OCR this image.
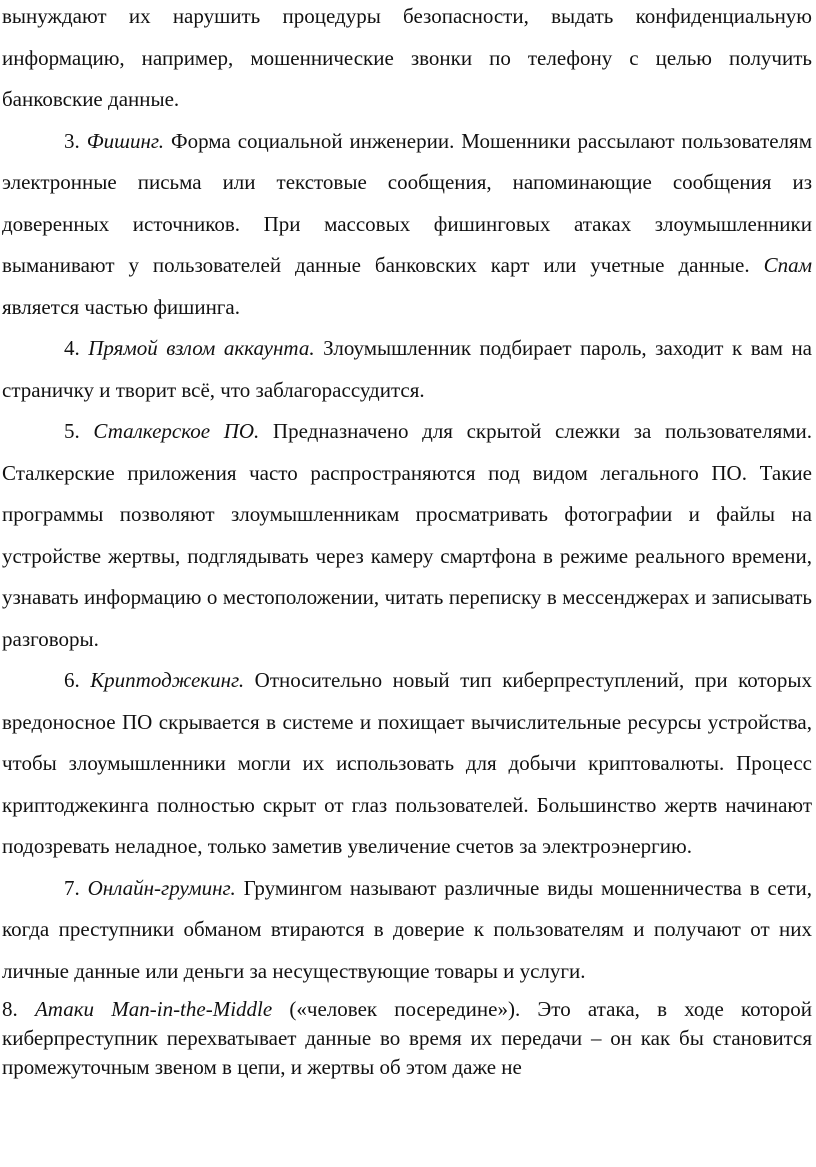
вынуждают их нарушить процедуры безопасности, выдать конфиденциальную информацию, например, мошеннические звонки по телефону с целью получить банковские данные.

3. Фишинг. Форма социальной инженерии. Мошенники рассылают пользователям электронные письма или текстовые сообщения, напоминающие сообщения из доверенных источников. При массовых фишинговых атаках злоумышленники выманивают у пользователей данные банковских карт или учетные данные. Спам является частью фишинга.

4. Прямой взлом аккаунта. Злоумышленник подбирает пароль, заходит к вам на страничку и творит всё, что заблагорассудится.

5. Сталкерское ПО. Предназначено для скрытой слежки за пользователями. Сталкерские приложения часто распространяются под видом легального ПО. Такие программы позволяют злоумышленникам просматривать фотографии и файлы на устройстве жертвы, подглядывать через камеру смартфона в режиме реального времени, узнавать информацию о местоположении, читать переписку в мессенджерах и записывать разговоры.

6. Криптоджекинг. Относительно новый тип киберпреступлений, при которых вредоносное ПО скрывается в системе и похищает вычислительные ресурсы устройства, чтобы злоумышленники могли их использовать для добычи криптовалюты. Процесс криптоджекинга полностью скрыт от глаз пользователей. Большинство жертв начинают подозревать неладное, только заметив увеличение счетов за электроэнергию.

7. Онлайн-груминг. Грумингом называют различные виды мошенничества в сети, когда преступники обманом втираются в доверие к пользователям и получают от них личные данные или деньги за несуществующие товары и услуги.

8. Атаки Man-in-the-Middle («человек посередине»). Это атака, в ходе которой киберпреступник перехватывает данные во время их передачи – он как бы становится промежуточным звеном в цепи, и жертвы об этом даже не
